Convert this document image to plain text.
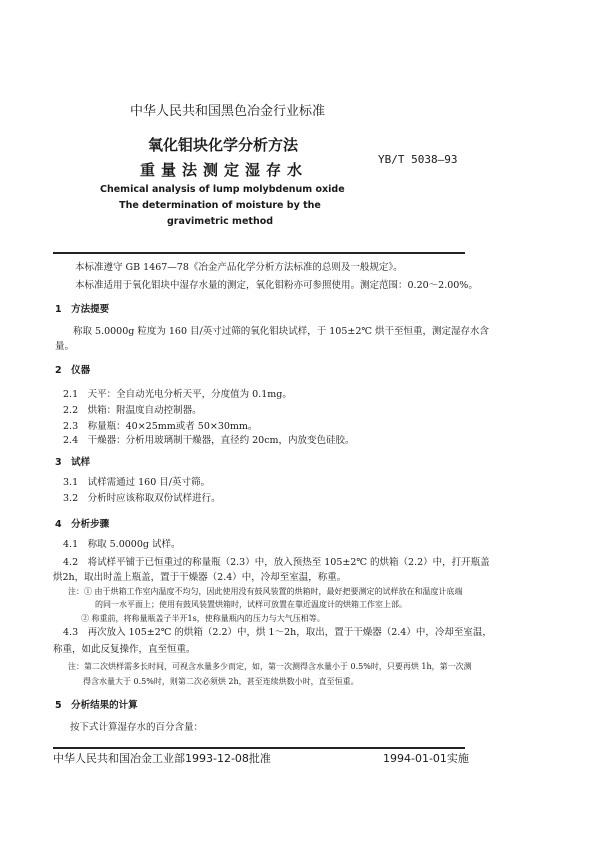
中华人民共和国黑色冶金行业标准
氧化钼块化学分析方法
重量法测定湿存水
YB/T 5038—93
Chemical analysis of lump molybdenum oxide
The determination of moisture by the
gravimetric method
本标准遵守 GB 1467—78《冶金产品化学分析方法标准的总则及一般规定》。
本标准适用于氧化钼块中湿存水量的测定，氧化钼粉亦可参照使用。测定范围：0.20～2.00%。
1　方法提要
称取 5.0000g 粒度为 160 目/英寸过筛的氧化钼块试样，于 105±2℃ 烘干至恒重，测定湿存水含
量。
2　仪器
2.1　天平：全自动光电分析天平，分度值为 0.1mg。
2.2　烘箱：附温度自动控制器。
2.3　称量瓶：40×25mm或者 50×30mm。
2.4　干燥器：分析用玻璃制干燥器，直径约 20cm，内放变色硅胶。
3　试样
3.1　试样需通过 160 目/英寸筛。
3.2　分析时应该称取双份试样进行。
4　分析步骤
4.1　称取 5.0000g 试样。
4.2　将试样平铺于已恒重过的称量瓶（2.3）中，放入预热至 105±2℃ 的烘箱（2.2）中，打开瓶盖
烘2h，取出时盖上瓶盖，置于干燥器（2.4）中，冷却至室温，称重。
注：① 由于烘箱工作室内温度不均匀，因此使用没有鼓风装置的烘箱时，最好把要测定的试样放在和温度计底端
的同一水平面上；使用有鼓风装置烘箱时，试样可放置在靠近温度计的烘箱工作室上部。
② 称重前，将称量瓶盖子半开1s，使称量瓶内的压力与大气压相等。
4.3　再次放入 105±2℃ 的烘箱（2.2）中，烘 1～2h，取出，置于干燥器（2.4）中，冷却至室温，
称重，如此反复操作，直至恒重。
注：第二次烘样需多长时间，可视含水量多少而定，如，第一次测得含水量小于 0.5%时，只要再烘 1h，第一次测
得含水量大于 0.5%时，则第二次必须烘 2h，甚至连续烘数小时，直至恒重。
5　分析结果的计算
按下式计算湿存水的百分含量：
中华人民共和国冶金工业部1993-12-08批准	1994-01-01实施
